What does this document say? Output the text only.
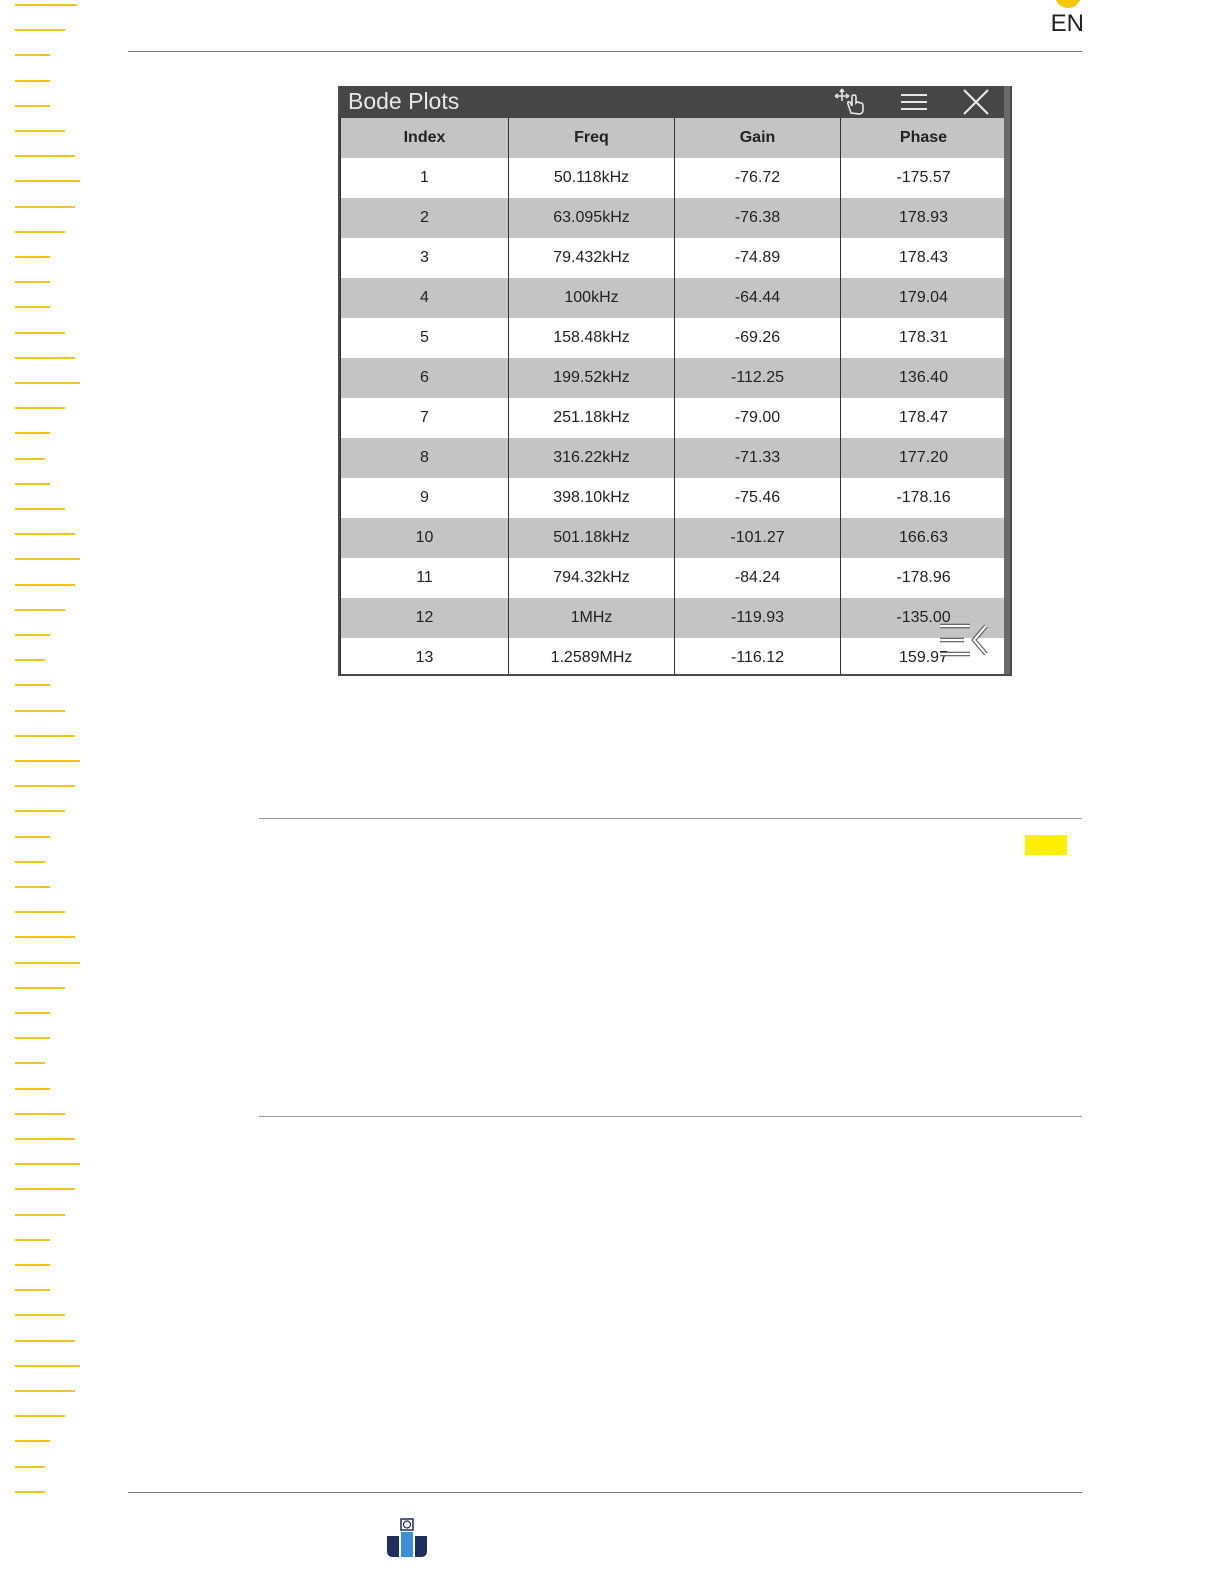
EN
Bode Plots
Index	Freq	Gain	Phase
1	50.118kHz	-76.72	-175.57
2	63.095kHz	-76.38	178.93
3	79.432kHz	-74.89	178.43
4	100kHz	-64.44	179.04
5	158.48kHz	-69.26	178.31
6	199.52kHz	-112.25	136.40
7	251.18kHz	-79.00	178.47
8	316.22kHz	-71.33	177.20
9	398.10kHz	-75.46	-178.16
10	501.18kHz	-101.27	166.63
11	794.32kHz	-84.24	-178.96
12	1MHz	-119.93	-135.00
13	1.2589MHz	-116.12	159.97
